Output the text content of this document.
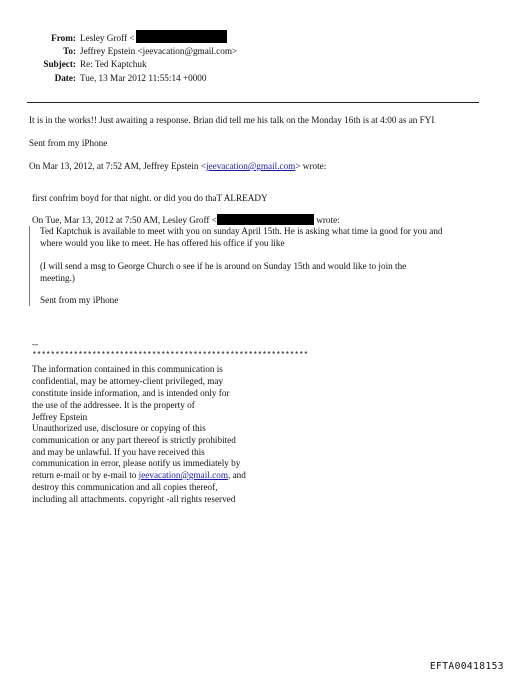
From: Lesley Groff <
To: Jeffrey Epstein <jeevacation@gmail.com>
Subject: Re: Ted Kaptchuk
Date: Tue, 13 Mar 2012 11:55:14 +0000
It is in the works!! Just awaiting a response. Brian did tell me his talk on the Monday 16th is at 4:00 as an FYI
Sent from my iPhone
On Mar 13, 2012, at 7:52 AM, Jeffrey Epstein <jeevacation@gmail.com> wrote:
first confrim boyd for that night. or did you do thaT ALREADY
On Tue, Mar 13, 2012 at 7:50 AM, Lesley Groff <	wrote:
Ted Kaptchuk is available to meet with you on sunday April 15th. He is asking what time ia good for you and
where would you like to meet. He has offered his office if you like
(I will send a msg to George Church o see if he is around on Sunday 15th and would like to join the
meeting.)
Sent from my iPhone
--
************************************************************
The information contained in this communication is
confidential, may be attorney-client privileged, may
constitute inside information, and is intended only for
the use of the addressee. It is the property of
Jeffrey Epstein
Unauthorized use, disclosure or copying of this
communication or any part thereof is strictly prohibited
and may be unlawful. If you have received this
communication in error, please notify us immediately by
return e-mail or by e-mail to jeevacation@gmail.com, and
destroy this communication and all copies thereof,
including all attachments. copyright -all rights reserved
EFTA00418153
